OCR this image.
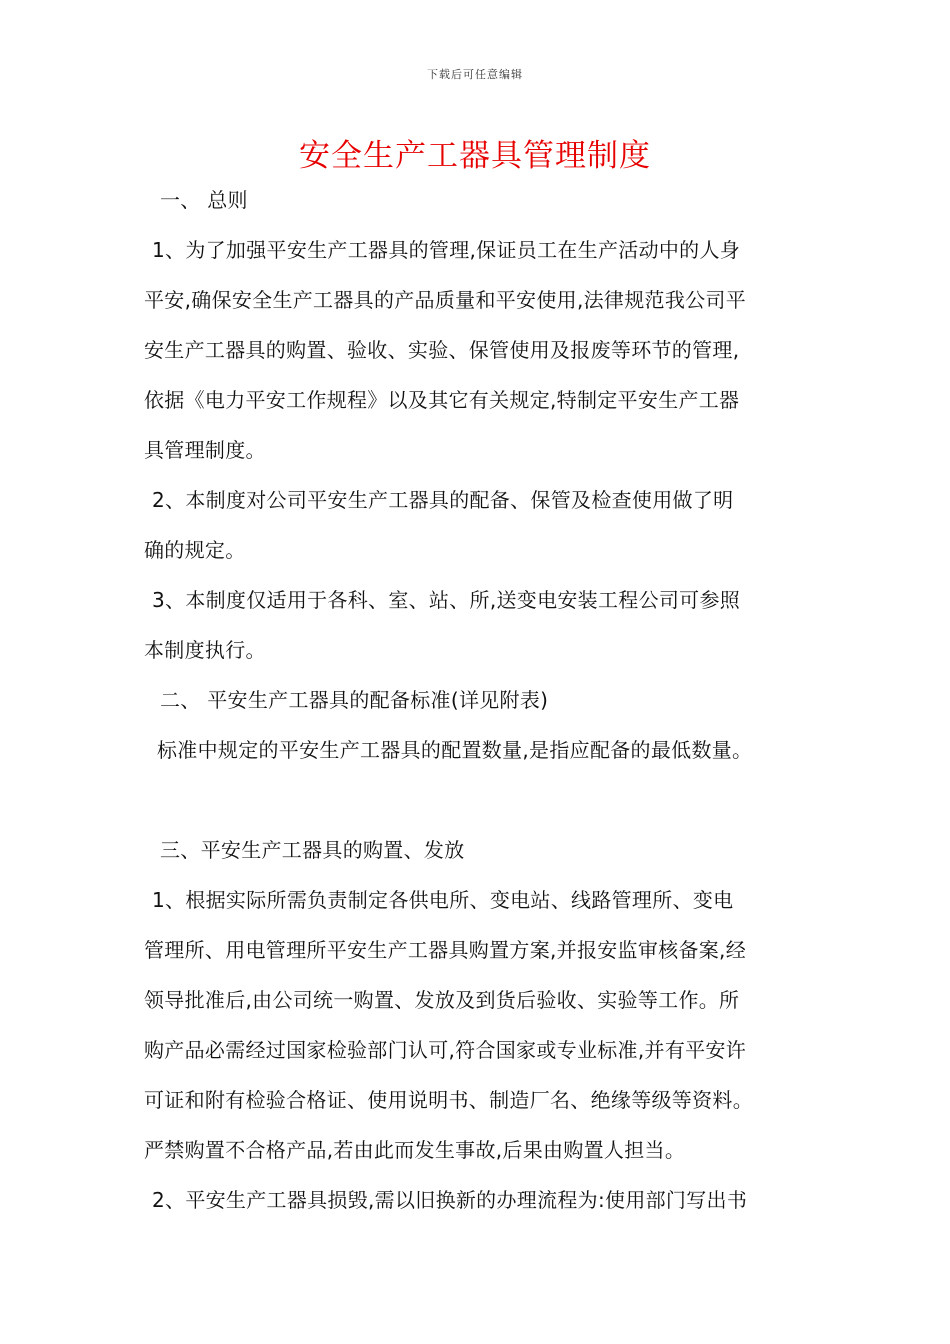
下载后可任意编辑
安全生产工器具管理制度
一、 总则
1、为了加强平安生产工器具的管理,保证员工在生产活动中的人身
平安,确保安全生产工器具的产品质量和平安使用,法律规范我公司平
安生产工器具的购置、验收、实验、保管使用及报废等环节的管理,
依据《电力平安工作规程》以及其它有关规定,特制定平安生产工器
具管理制度。
2、本制度对公司平安生产工器具的配备、保管及检查使用做了明
确的规定。
3、本制度仅适用于各科、室、站、所,送变电安装工程公司可参照
本制度执行。
二、 平安生产工器具的配备标准(详见附表)
标准中规定的平安生产工器具的配置数量,是指应配备的最低数量。
三、平安生产工器具的购置、发放
1、根据实际所需负责制定各供电所、变电站、线路管理所、变电
管理所、用电管理所平安生产工器具购置方案,并报安监审核备案,经
领导批准后,由公司统一购置、发放及到货后验收、实验等工作。所
购产品必需经过国家检验部门认可,符合国家或专业标准,并有平安许
可证和附有检验合格证、使用说明书、制造厂名、绝缘等级等资料。
严禁购置不合格产品,若由此而发生事故,后果由购置人担当。
2、平安生产工器具损毁,需以旧换新的办理流程为:使用部门写出书
